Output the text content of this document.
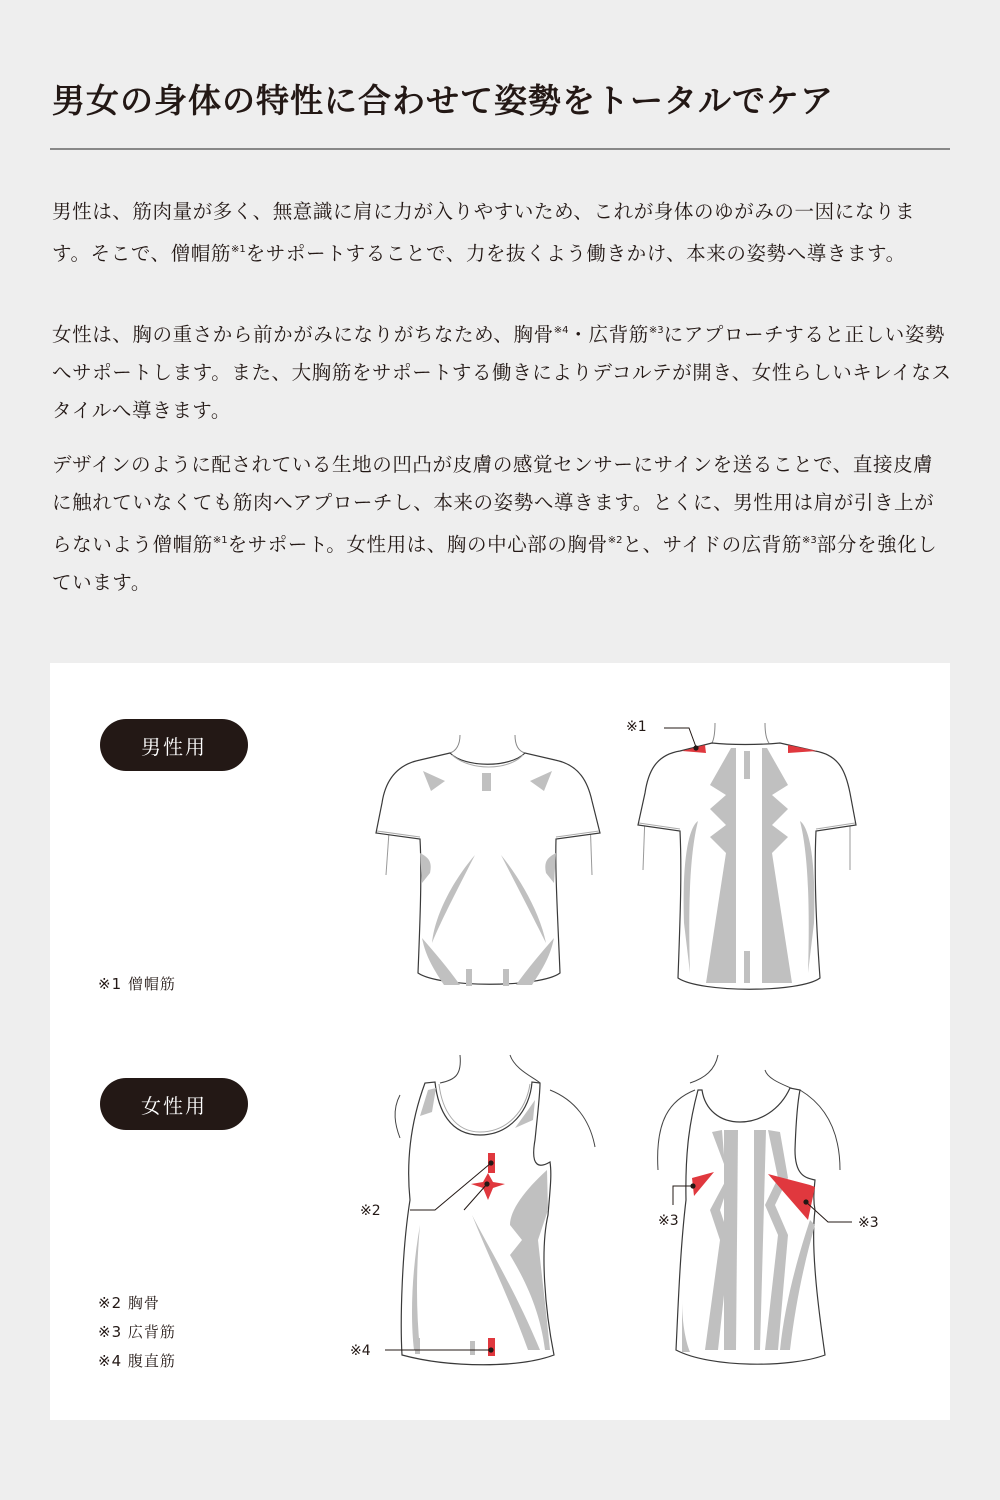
男女の身体の特性に合わせて姿勢をトータルでケア

男性は、筋肉量が多く、無意識に肩に力が入りやすいため、これが身体のゆがみの一因になります。そこで、僧帽筋$^{※1}$をサポートすることで、力を抜くよう働きかけ、本来の姿勢へ導きます。

女性は、胸の重さから前かがみになりがちなため、胸骨$^{※4}$・広背筋$^{※3}$にアプローチすると正しい姿勢へサポートします。また、大胸筋をサポートする働きによりデコルテが開き、女性らしいキレイなスタイルへ導きます。

デザインのように配されている生地の凹凸が皮膚の感覚センサーにサインを送ることで、直接皮膚に触れていなくても筋肉へアプローチし、本来の姿勢へ導きます。とくに、男性用は肩が引き上がらないよう僧帽筋$^{※1}$をサポート。女性用は、胸の中心部の胸骨$^{※2}$と、サイドの広背筋$^{※3}$部分を強化しています。

男性用
※1 僧帽筋
※1
女性用
※2 胸骨
※3 広背筋
※4 腹直筋
※2
※4
※3	※3
